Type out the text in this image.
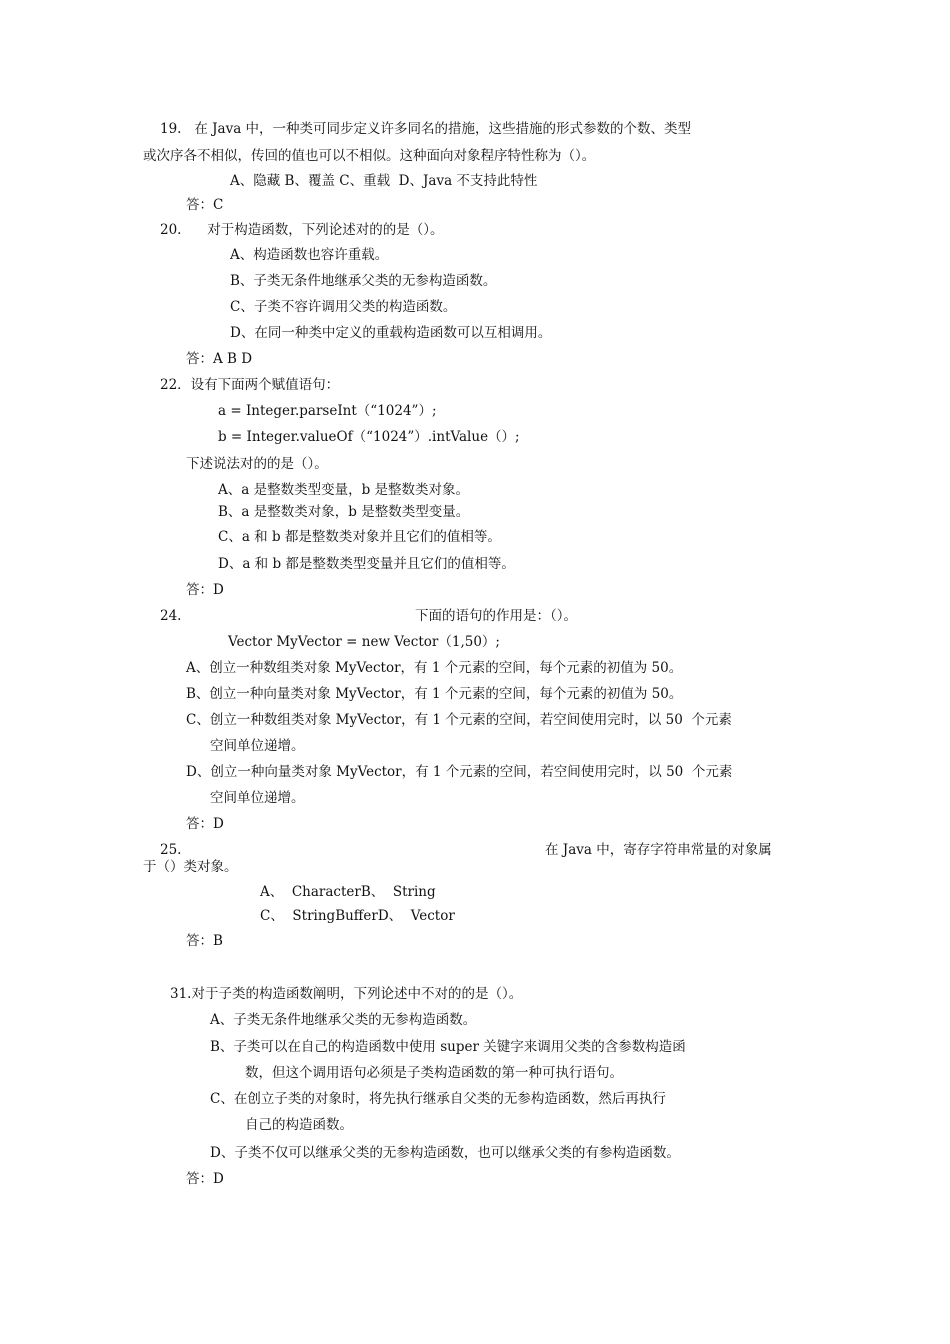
19.   在 Java 中，一种类可同步定义许多同名的措施，这些措施的形式参数的个数、类型
或次序各不相似，传回的值也可以不相似。这种面向对象程序特性称为（）。
A、隐藏 B、覆盖 C、重载  D、Java 不支持此特性
答：C
20.      对于构造函数，下列论述对的的是（）。
A、构造函数也容许重载。
B、子类无条件地继承父类的无参构造函数。
C、子类不容许调用父类的构造函数。
D、在同一种类中定义的重载构造函数可以互相调用。
答：A B D
22．设有下面两个赋值语句：
a = Integer.parseInt（“1024”）;
b = Integer.valueOf（“1024”）.intValue（）;
下述说法对的的是（）。
A、a 是整数类型变量，b 是整数类对象。
B、a 是整数类对象，b 是整数类型变量。
C、a 和 b 都是整数类对象并且它们的值相等。
D、a 和 b 都是整数类型变量并且它们的值相等。
答：D
24.	下面的语句的作用是：（）。
Vector MyVector = new Vector（1,50）;
A、创立一种数组类对象 MyVector，有 1 个元素的空间，每个元素的初值为 50。
B、创立一种向量类对象 MyVector，有 1 个元素的空间，每个元素的初值为 50。
C、创立一种数组类对象 MyVector，有 1 个元素的空间，若空间使用完时，以 50  个元素
空间单位递增。
D、创立一种向量类对象 MyVector，有 1 个元素的空间，若空间使用完时，以 50  个元素
空间单位递增。
答：D
25.	在 Java 中，寄存字符串常量的对象属
于（）类对象。
A、  CharacterB、  String
C、  StringBufferD、  Vector
答：B
31.对于子类的构造函数阐明，下列论述中不对的的是（）。
A、子类无条件地继承父类的无参构造函数。
B、子类可以在自己的构造函数中使用 super 关键字来调用父类的含参数构造函
数，但这个调用语句必须是子类构造函数的第一种可执行语句。
C、在创立子类的对象时，将先执行继承自父类的无参构造函数，然后再执行
自己的构造函数。
D、子类不仅可以继承父类的无参构造函数，也可以继承父类的有参构造函数。
答：D
